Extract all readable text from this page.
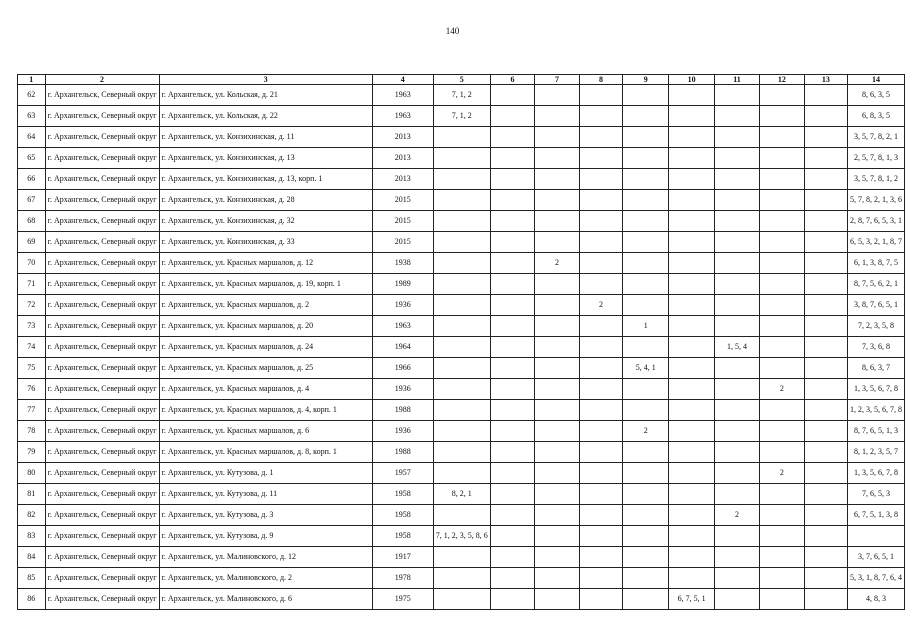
140
1	2	3	4	5	6	7	8	9	10	11	12	13	14
62	г. Архангельск, Северный округ	г. Архангельск, ул. Кольская, д. 21	1963	7, 1, 2									8, 6, 3, 5
63	г. Архангельск, Северный округ	г. Архангельск, ул. Кольская, д. 22	1963	7, 1, 2									6, 8, 3, 5
64	г. Архангельск, Северный округ	г. Архангельск, ул. Конзихинская, д. 11	2013										3, 5, 7, 8, 2, 1
65	г. Архангельск, Северный округ	г. Архангельск, ул. Конзихинская, д. 13	2013										2, 5, 7, 8, 1, 3
66	г. Архангельск, Северный округ	г. Архангельск, ул. Конзихинская, д. 13, корп. 1	2013										3, 5, 7, 8, 1, 2
67	г. Архангельск, Северный округ	г. Архангельск, ул. Конзихинская, д. 28	2015										5, 7, 8, 2, 1, 3, 6
68	г. Архангельск, Северный округ	г. Архангельск, ул. Конзихинская, д. 32	2015										2, 8, 7, 6, 5, 3, 1
69	г. Архангельск, Северный округ	г. Архангельск, ул. Конзихинская, д. 33	2015										6, 5, 3, 2, 1, 8, 7
70	г. Архангельск, Северный округ	г. Архангельск, ул. Красных маршалов, д. 12	1938			2							6, 1, 3, 8, 7, 5
71	г. Архангельск, Северный округ	г. Архангельск, ул. Красных маршалов, д. 19, корп. 1	1989										8, 7, 5, 6, 2, 1
72	г. Архангельск, Северный округ	г. Архангельск, ул. Красных маршалов, д. 2	1936				2						3, 8, 7, 6, 5, 1
73	г. Архангельск, Северный округ	г. Архангельск, ул. Красных маршалов, д. 20	1963					1					7, 2, 3, 5, 8
74	г. Архангельск, Северный округ	г. Архангельск, ул. Красных маршалов, д. 24	1964							1, 5, 4			7, 3, 6, 8
75	г. Архангельск, Северный округ	г. Архангельск, ул. Красных маршалов, д. 25	1966					5, 4, 1					8, 6, 3, 7
76	г. Архангельск, Северный округ	г. Архангельск, ул. Красных маршалов, д. 4	1936								2		1, 3, 5, 6, 7, 8
77	г. Архангельск, Северный округ	г. Архангельск, ул. Красных маршалов, д. 4, корп. 1	1988										1, 2, 3, 5, 6, 7, 8
78	г. Архангельск, Северный округ	г. Архангельск, ул. Красных маршалов, д. 6	1936					2					8, 7, 6, 5, 1, 3
79	г. Архангельск, Северный округ	г. Архангельск, ул. Красных маршалов, д. 8, корп. 1	1988										8, 1, 2, 3, 5, 7
80	г. Архангельск, Северный округ	г. Архангельск, ул. Кутузова, д. 1	1957								2		1, 3, 5, 6, 7, 8
81	г. Архангельск, Северный округ	г. Архангельск, ул. Кутузова, д. 11	1958	8, 2, 1									7, 6, 5, 3
82	г. Архангельск, Северный округ	г. Архангельск, ул. Кутузова, д. 3	1958							2			6, 7, 5, 1, 3, 8
83	г. Архангельск, Северный округ	г. Архангельск, ул. Кутузова, д. 9	1958	7, 1, 2, 3, 5, 8, 6									
84	г. Архангельск, Северный округ	г. Архангельск, ул. Малиновского, д. 12	1917										3, 7, 6, 5, 1
85	г. Архангельск, Северный округ	г. Архангельск, ул. Малиновского, д. 2	1978										5, 3, 1, 8, 7, 6, 4
86	г. Архангельск, Северный округ	г. Архангельск, ул. Малиновского, д. 6	1975						6, 7, 5, 1				4, 8, 3
